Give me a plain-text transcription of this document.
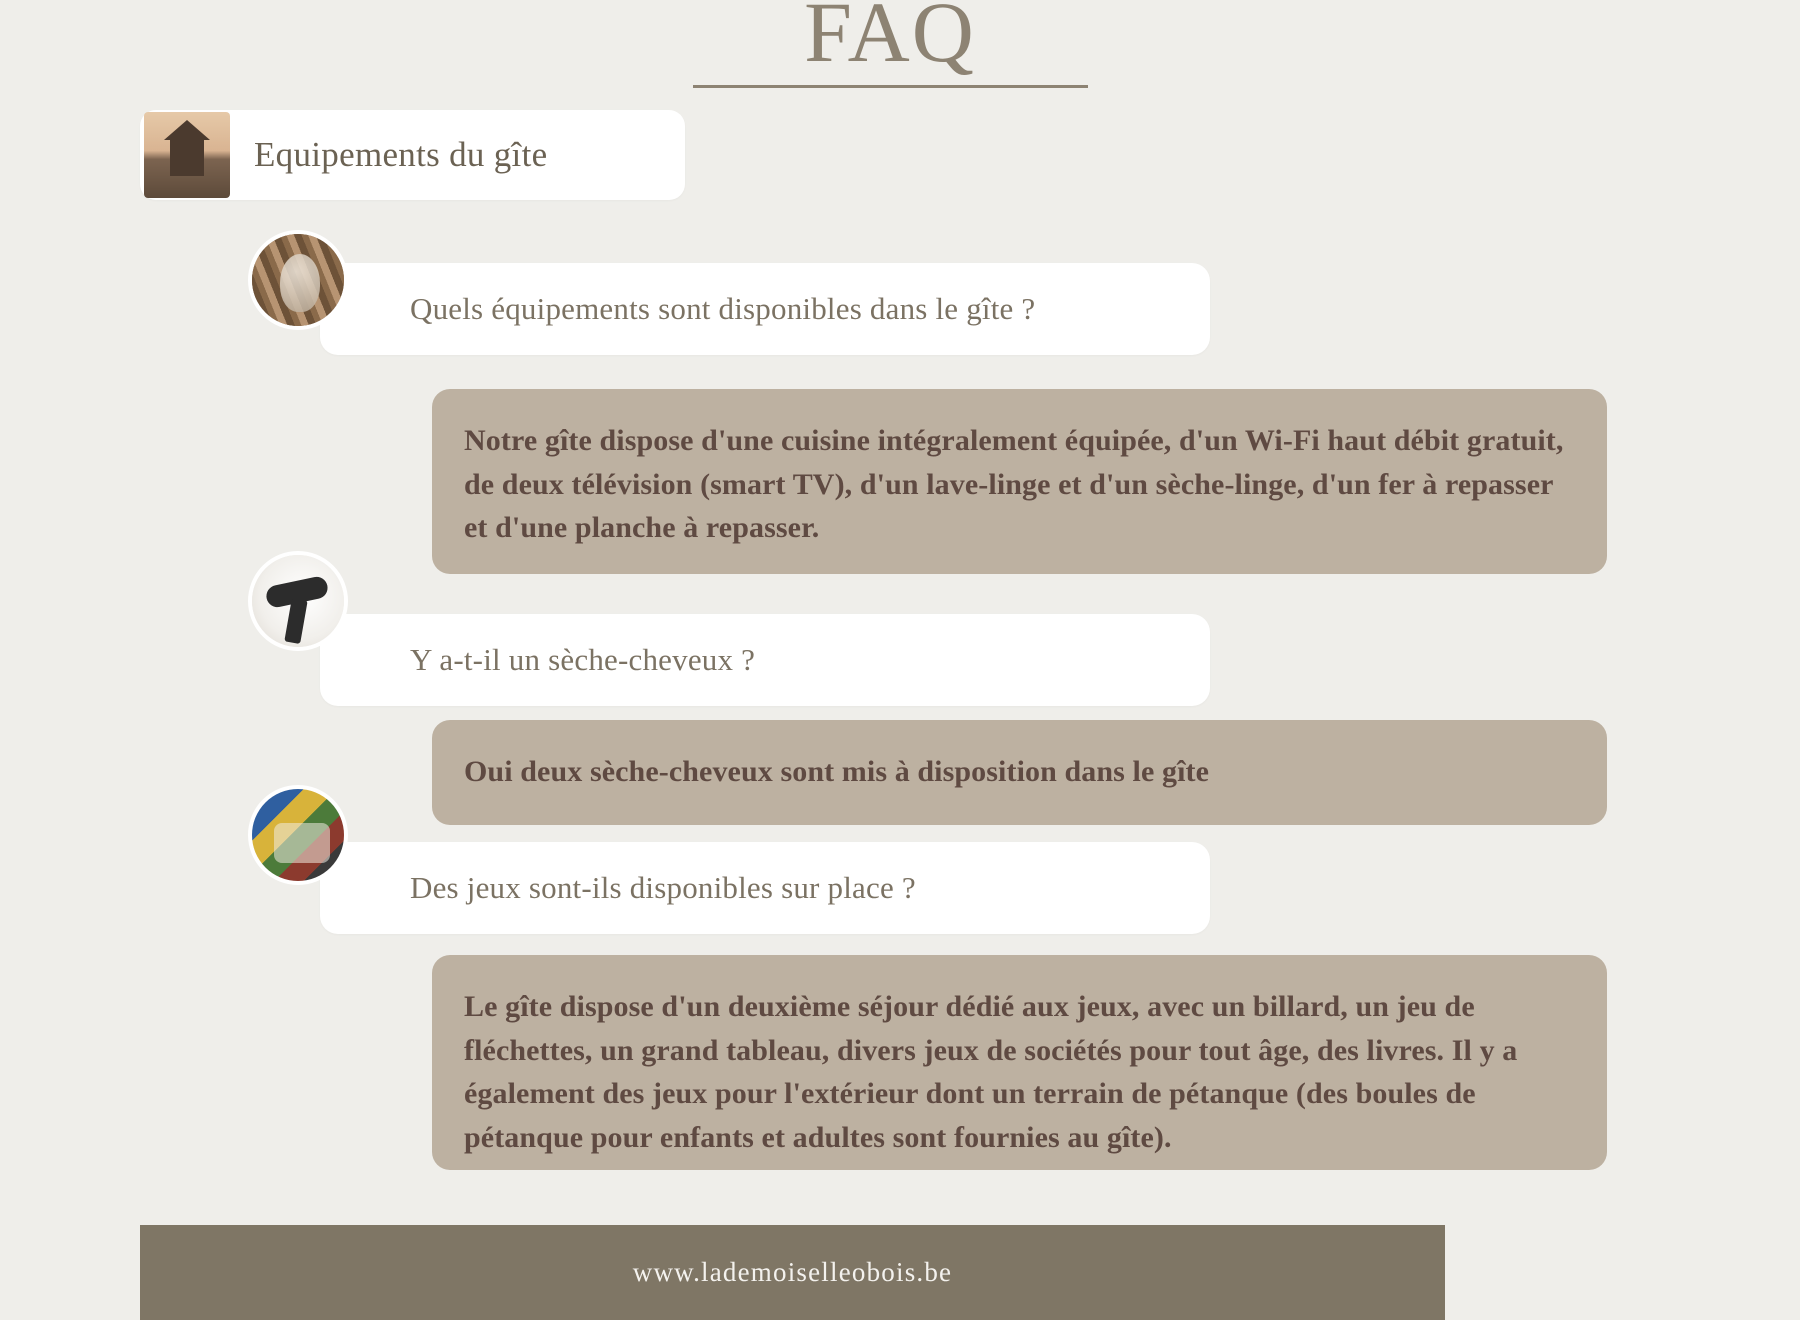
FAQ
Equipements du gîte
Quels équipements sont disponibles dans le gîte ?
Notre gîte dispose d'une cuisine intégralement équipée, d'un Wi-Fi haut débit gratuit, de deux télévision (smart TV), d'un lave-linge et d'un sèche-linge, d'un fer à repasser et d'une planche à repasser.
Y a-t-il un sèche-cheveux ?
Oui deux sèche-cheveux sont mis à disposition dans le gîte
Des jeux sont-ils disponibles sur place ?
Le gîte dispose d'un deuxième séjour dédié aux jeux, avec un billard, un jeu de fléchettes, un grand tableau, divers jeux de sociétés pour tout âge, des livres. Il y a également des jeux pour l'extérieur dont un terrain de pétanque (des boules de pétanque pour enfants et adultes sont fournies au gîte).
www.lademoiselleobois.be
